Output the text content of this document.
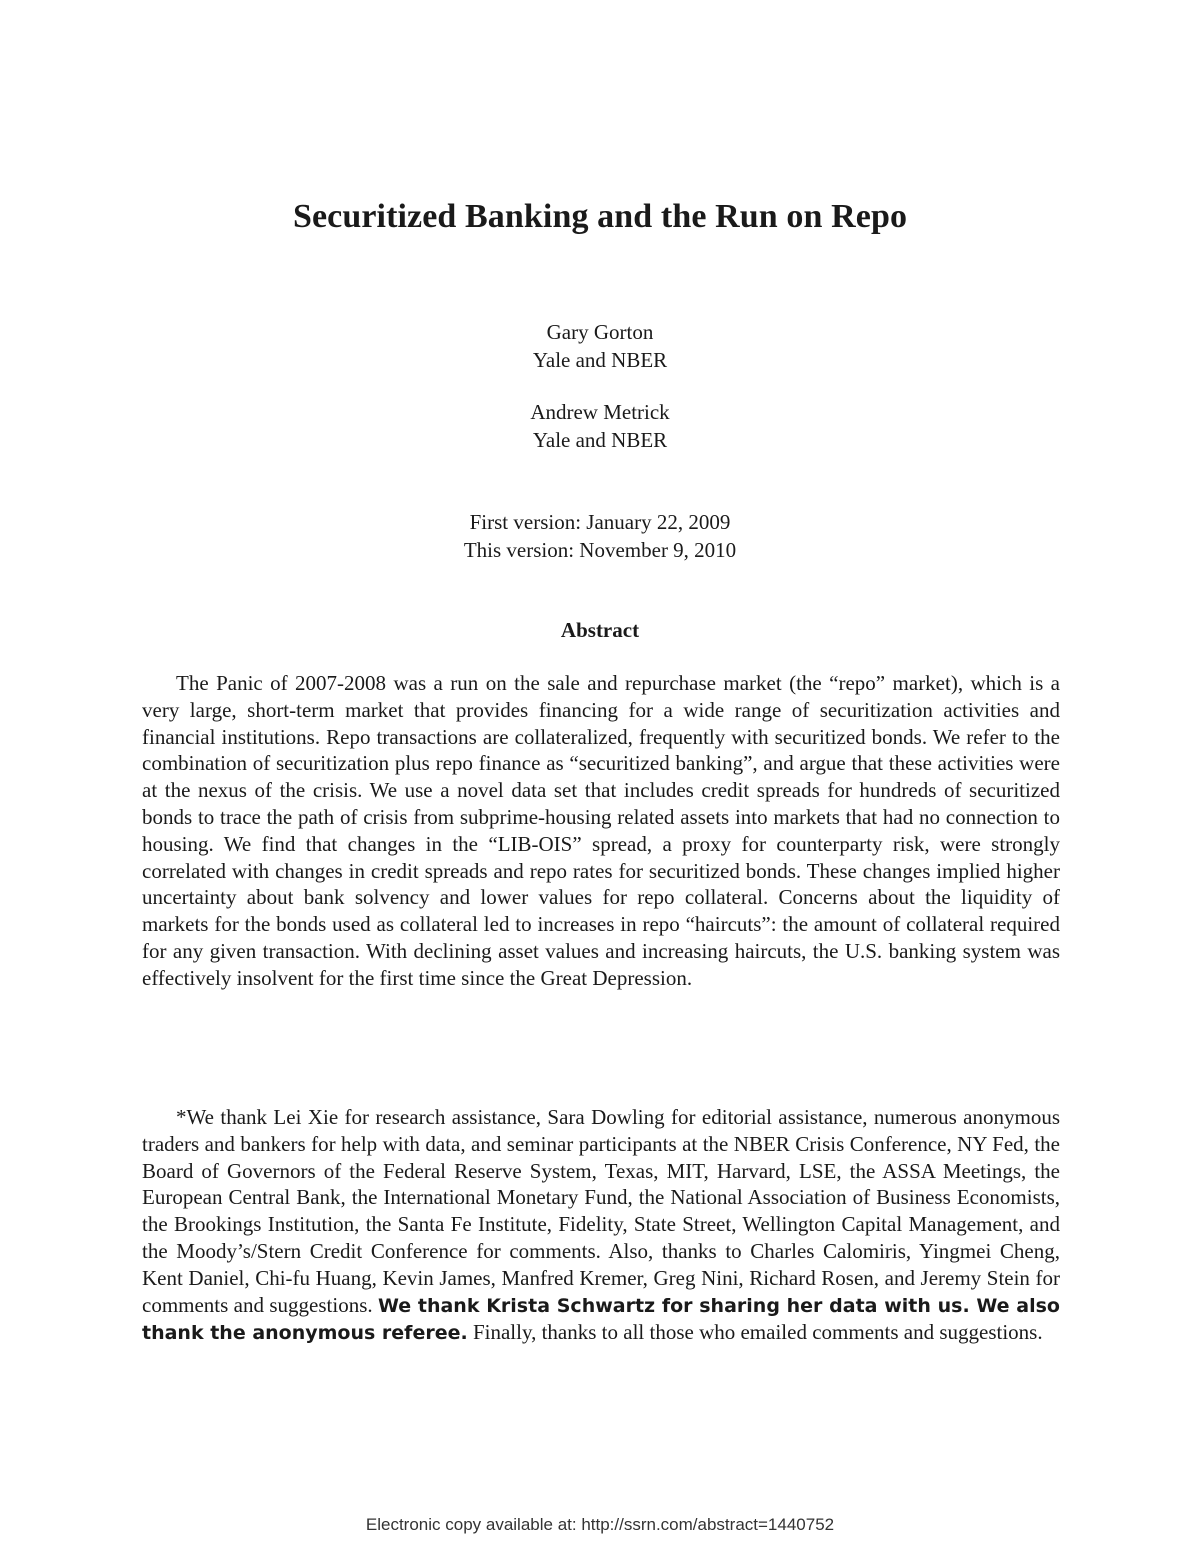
Securitized Banking and the Run on Repo
Gary Gorton
Yale and NBER
Andrew Metrick
Yale and NBER
First version: January 22, 2009
This version: November 9, 2010
Abstract

The Panic of 2007-2008 was a run on the sale and repurchase market (the “repo” market), which is a very large, short-term market that provides financing for a wide range of securitization activities and financial institutions. Repo transactions are collateralized, frequently with securitized bonds. We refer to the combination of securitization plus repo finance as “securitized banking”, and argue that these activities were at the nexus of the crisis. We use a novel data set that includes credit spreads for hundreds of securitized bonds to trace the path of crisis from subprime-housing related assets into markets that had no connection to housing. We find that changes in the “LIB-OIS” spread, a proxy for counterparty risk, were strongly correlated with changes in credit spreads and repo rates for securitized bonds. These changes implied higher uncertainty about bank solvency and lower values for repo collateral. Concerns about the liquidity of markets for the bonds used as collateral led to increases in repo “haircuts”: the amount of collateral required for any given transaction. With declining asset values and increasing haircuts, the U.S. banking system was effectively insolvent for the first time since the Great Depression.

*We thank Lei Xie for research assistance, Sara Dowling for editorial assistance, numerous anonymous traders and bankers for help with data, and seminar participants at the NBER Crisis Conference, NY Fed, the Board of Governors of the Federal Reserve System, Texas, MIT, Harvard, LSE, the ASSA Meetings, the European Central Bank, the International Monetary Fund, the National Association of Business Economists, the Brookings Institution, the Santa Fe Institute, Fidelity, State Street, Wellington Capital Management, and the Moody’s/Stern Credit Conference for comments. Also, thanks to Charles Calomiris, Yingmei Cheng, Kent Daniel, Chi-fu Huang, Kevin James, Manfred Kremer, Greg Nini, Richard Rosen, and Jeremy Stein for comments and suggestions. We thank Krista Schwartz for sharing her data with us. We also thank the anonymous referee. Finally, thanks to all those who emailed comments and suggestions.

Electronic copy available at: http://ssrn.com/abstract=1440752
